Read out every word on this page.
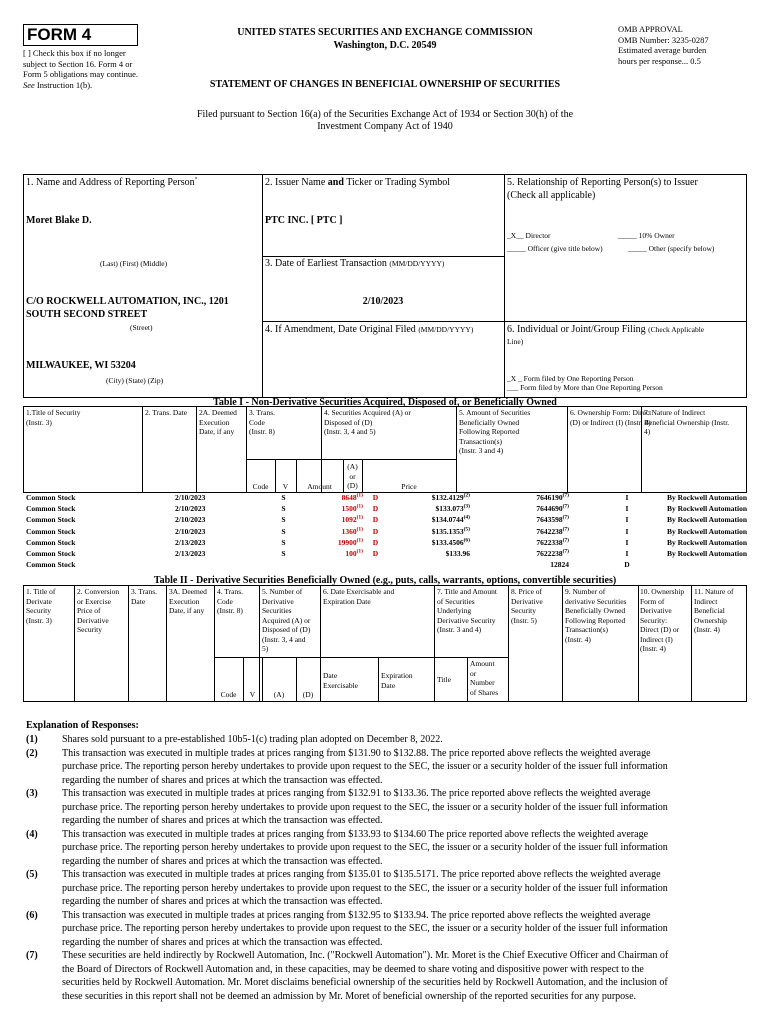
FORM 4
[ ] Check this box if no longer subject to Section 16. Form 4 or Form 5 obligations may continue. See Instruction 1(b).
UNITED STATES SECURITIES AND EXCHANGE COMMISSION
Washington, D.C. 20549
OMB APPROVAL
OMB Number: 3235-0287
Estimated average burden
hours per response... 0.5
STATEMENT OF CHANGES IN BENEFICIAL OWNERSHIP OF SECURITIES
Filed pursuant to Section 16(a) of the Securities Exchange Act of 1934 or Section 30(h) of the
Investment Company Act of 1940
1. Name and Address of Reporting Person*
Moret Blake D.
(Last) (First) (Middle)
C/O ROCKWELL AUTOMATION, INC., 1201
SOUTH SECOND STREET
(Street)
MILWAUKEE, WI 53204
(City) (State) (Zip)
2. Issuer Name and Ticker or Trading Symbol
PTC INC. [ PTC ]
3. Date of Earliest Transaction (MM/DD/YYYY)
2/10/2023
4. If Amendment, Date Original Filed (MM/DD/YYYY)
5. Relationship of Reporting Person(s) to Issuer
(Check all applicable)
_X__ Director	_____ 10% Owner
_____ Officer (give title below)	_____ Other (specify below)
6. Individual or Joint/Group Filing (Check Applicable
Line)
_X _ Form filed by One Reporting Person
___ Form filed by More than One Reporting Person
Table I - Non-Derivative Securities Acquired, Disposed of, or Beneficially Owned
1.Title of Security
(Instr. 3)
2. Trans. Date 2A. Deemed
Execution
Date, if any
3. Trans.
Code
(Instr. 8)
4. Securities Acquired (A) or
Disposed of (D)
(Instr. 3, 4 and 5)
5. Amount of Securities
Beneficially Owned
Following Reported
Transaction(s)
(Instr. 3 and 4)
6. Ownership Form: Direct
(D) or Indirect (I) (Instr. 4)
7. Nature of Indirect
Beneficial Ownership (Instr.
4)
Code	V	Amount
(A)
or
(D)	Price
Common Stock	2/10/2023	S	8648$^{(1)}$	D	$132.4129$^{(2)}$	7646190$^{(7)}$	I	By Rockwell Automation
Common Stock	2/10/2023	S	1500$^{(1)}$	D	$133.073$^{(3)}$	7644690$^{(7)}$	I	By Rockwell Automation
Common Stock	2/10/2023	S	1092$^{(1)}$	D	$134.0744$^{(4)}$	7643598$^{(7)}$	I	By Rockwell Automation
Common Stock	2/10/2023	S	1360$^{(1)}$	D	$135.1353$^{(5)}$	7642238$^{(7)}$	I	By Rockwell Automation
Common Stock	2/13/2023	S	19900$^{(1)}$	D	$133.4506$^{(6)}$	7622338$^{(7)}$	I	By Rockwell Automation
Common Stock	2/13/2023	S	100$^{(1)}$	D	$133.96	7622238$^{(7)}$	I	By Rockwell Automation
Common Stock	12824	D
Table II - Derivative Securities Beneficially Owned (e.g., puts, calls, warrants, options, convertible securities)
1. Title of
Derivate
Security
(Instr. 3)
2. Conversion
or Exercise
Price of
Derivative
Security
3. Trans.
Date
3A. Deemed
Execution
Date, if any
4. Trans.
Code
(Instr. 8)
5. Number of
Derivative
Securities
Acquired (A) or
Disposed of (D)
(Instr. 3, 4 and
5)
6. Date Exercisable and
Expiration Date
7. Title and Amount
of Securities
Underlying
Derivative Security
(Instr. 3 and 4)
8. Price of
Derivative
Security
(Instr. 5)
9. Number of
derivative Securities
Beneficially Owned
Following Reported
Transaction(s)
(Instr. 4)
10. Ownership
Form of
Derivative
Security:
Direct (D) or
Indirect (I)
(Instr. 4)
11. Nature of
Indirect
Beneficial
Ownership
(Instr. 4)
Code	V	(A)	(D)
Date
Exercisable
Expiration
Date
Title
Amount
or
Number
of Shares
Explanation of Responses:
(1) Shares sold pursuant to a pre-established 10b5-1(c) trading plan adopted on December 8, 2022.
(2) This transaction was executed in multiple trades at prices ranging from $131.90 to $132.88. The price reported above reflects the weighted average
purchase price. The reporting person hereby undertakes to provide upon request to the SEC, the issuer or a security holder of the issuer full information
regarding the number of shares and prices at which the transaction was effected.
(3) This transaction was executed in multiple trades at prices ranging from $132.91 to $133.36. The price reported above reflects the weighted average
purchase price. The reporting person hereby undertakes to provide upon request to the SEC, the issuer or a security holder of the issuer full information
regarding the number of shares and prices at which the transaction was effected.
(4) This transaction was executed in multiple trades at prices ranging from $133.93 to $134.60 The price reported above reflects the weighted average
purchase price. The reporting person hereby undertakes to provide upon request to the SEC, the issuer or a security holder of the issuer full information
regarding the number of shares and prices at which the transaction was effected.
(5) This transaction was executed in multiple trades at prices ranging from $135.01 to $135.5171. The price reported above reflects the weighted average
purchase price. The reporting person hereby undertakes to provide upon request to the SEC, the issuer or a security holder of the issuer full information
regarding the number of shares and prices at which the transaction was effected.
(6) This transaction was executed in multiple trades at prices ranging from $132.95 to $133.94. The price reported above reflects the weighted average
purchase price. The reporting person hereby undertakes to provide upon request to the SEC, the issuer or a security holder of the issuer full information
regarding the number of shares and prices at which the transaction was effected.
(7) These securities are held indirectly by Rockwell Automation, Inc. ("Rockwell Automation"). Mr. Moret is the Chief Executive Officer and Chairman of
the Board of Directors of Rockwell Automation and, in these capacities, may be deemed to share voting and dispositive power with respect to the
securities held by Rockwell Automation. Mr. Moret disclaims beneficial ownership of the securities held by Rockwell Automation, and the inclusion of
these securities in this report shall not be deemed an admission by Mr. Moret of beneficial ownership of the reported securities for any purpose.
